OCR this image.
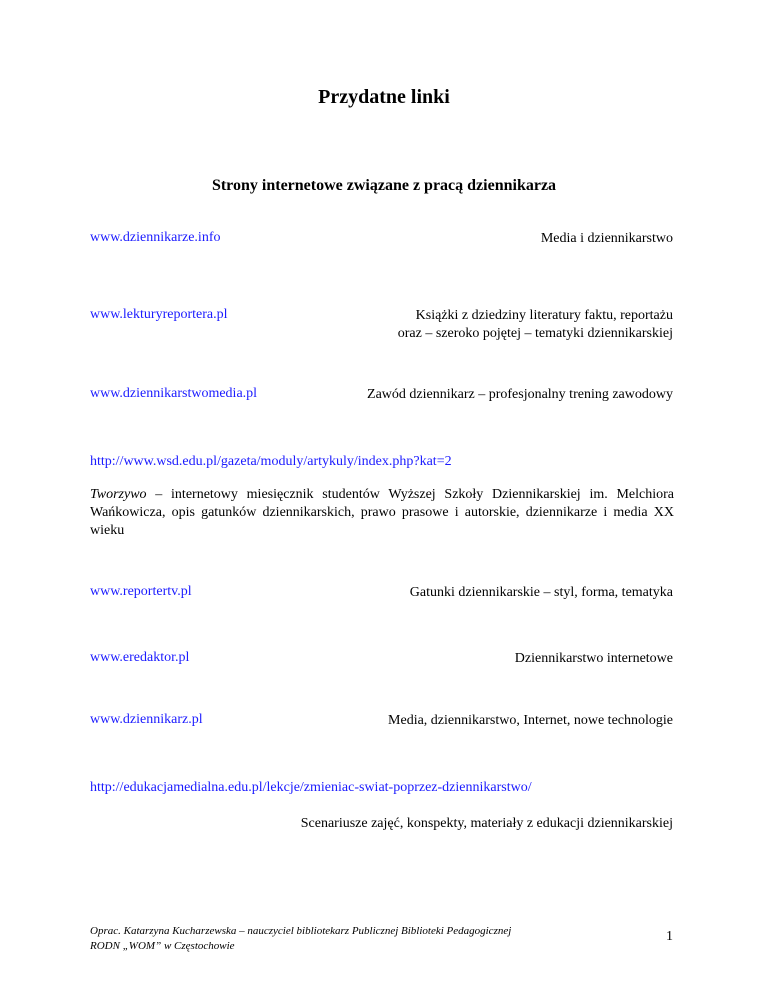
Przydatne linki
Strony internetowe związane z pracą dziennikarza
www.dziennikarze.info	Media i dziennikarstwo
www.lekturyreportera.pl	Książki z dziedziny literatury faktu, reportażu
oraz – szeroko pojętej – tematyki dziennikarskiej
www.dziennikarstwomedia.pl	Zawód dziennikarz – profesjonalny trening zawodowy
http://www.wsd.edu.pl/gazeta/moduly/artykuly/index.php?kat=2
Tworzywo – internetowy miesięcznik studentów Wyższej Szkoły Dziennikarskiej im. Melchiora Wańkowicza, opis gatunków dziennikarskich, prawo prasowe i autorskie, dziennikarze i media XX wieku
www.reportertv.pl	Gatunki dziennikarskie – styl, forma, tematyka
www.eredaktor.pl	Dziennikarstwo internetowe
www.dziennikarz.pl	Media, dziennikarstwo, Internet, nowe technologie
http://edukacjamedialna.edu.pl/lekcje/zmieniac-swiat-poprzez-dziennikarstwo/
Scenariusze zajęć, konspekty, materiały z edukacji dziennikarskiej
Oprac. Katarzyna Kucharzewska – nauczyciel bibliotekarz Publicznej Biblioteki Pedagogicznej
RODN „WOM” w Częstochowie
1
